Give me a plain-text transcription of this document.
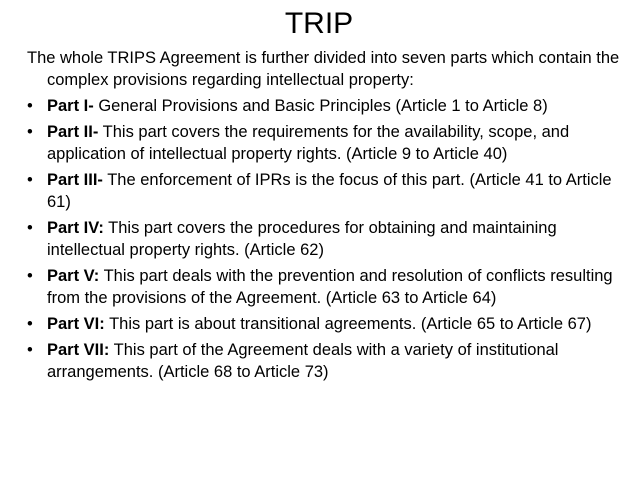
TRIP

The whole TRIPS Agreement is further divided into seven parts which contain the complex provisions regarding intellectual property:

•
Part I- General Provisions and Basic Principles (Article 1 to Article 8)
•
Part II- This part covers the requirements for the availability, scope, and application of intellectual property rights. (Article 9 to Article 40)
•
Part III- The enforcement of IPRs is the focus of this part. (Article 41 to Article 61)
•
Part IV: This part covers the procedures for obtaining and maintaining intellectual property rights. (Article 62)
•
Part V: This part deals with the prevention and resolution of conflicts resulting from the provisions of the Agreement. (Article 63 to Article 64)
•
Part VI: This part is about transitional agreements. (Article 65 to Article 67)
•
Part VII: This part of the Agreement deals with a variety of institutional arrangements. (Article 68 to Article 73)
